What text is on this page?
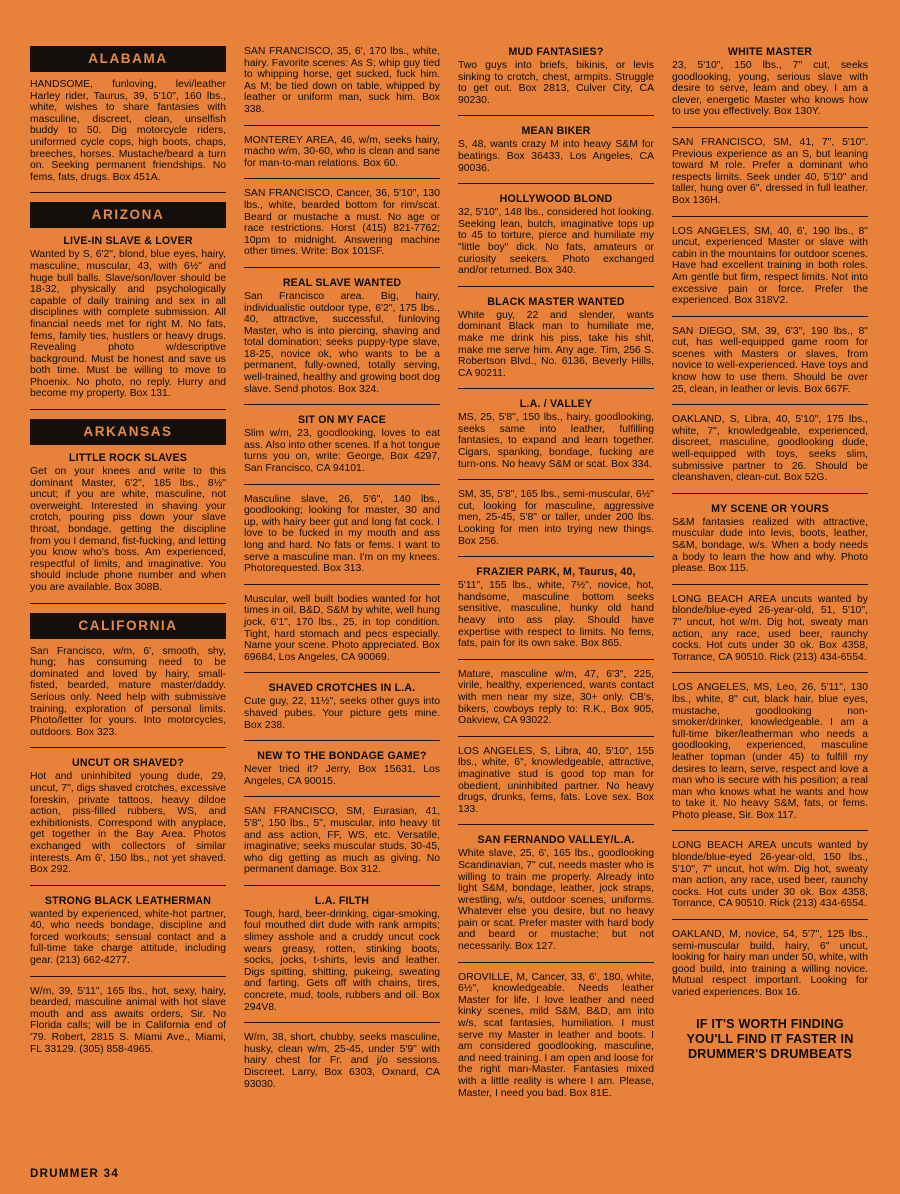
ALABAMA
HANDSOME, funloving, levi/leather Harley rider, Taurus, 39, 5'10", 160 lbs., white, wishes to share fantasies with masculine, discreet, clean, unselfish buddy to 50. Dig motorcycle riders, uniformed cycle cops, high boots, chaps, breeches, horses. Mustache/beard a turn on. Seeking permanent friendships. No fems, fats, drugs. Box 451A.
ARIZONA
LIVE-IN SLAVE & LOVER
Wanted by S, 6'2", blond, blue eyes, hairy, masculine, muscular, 43, with 6½" and huge bull balls. Slave/son/lover should be 18-32, physically and psychologically capable of daily training and sex in all disciplines with complete submission. All financial needs met for right M. No fats, fems, family ties, hustlers or heavy drugs. Revealing photo w/descriptive background. Must be honest and save us both time. Must be willing to move to Phoenix. No photo, no reply. Hurry and become my property. Box 131.
ARKANSAS
LITTLE ROCK SLAVES
Get on your knees and write to this dominant Master, 6'2", 185 lbs., 8½" uncut; if you are white, masculine, not overweight. Interested in shaving your crotch, pouring piss down your slave throat, bondage, getting the discipline from you I demand, fist-fucking, and letting you know who's boss. Am experienced, respectful of limits, and imaginative. You should include phone number and when you are available. Box 308B.
CALIFORNIA
San Francisco, w/m, 6', smooth, shy, hung; has consuming need to be dominated and loved by hairy, small-fisted, bearded, mature master/daddy. Serious only. Need help with submissive training, exploration of personal limits. Photo/letter for yours. Into motorcycles, outdoors. Box 323.
UNCUT OR SHAVED?
Hot and uninhibited young dude, 29, uncut, 7", digs shaved crotches, excessive foreskin, private tattoos, heavy dildoe action, piss-filled rubbers, WS, and exhibitionists. Correspond with anyplace, get together in the Bay Area. Photos exchanged with collectors of similar interests. Am 6', 150 lbs., not yet shaved. Box 292.
STRONG BLACK LEATHERMAN
wanted by experienced, white-hot partner, 40, who needs bondage, discipline and forced workouts; sensual contact and a full-time take charge attitude, including gear. (213) 662-4277.
W/m, 39, 5'11", 165 lbs., hot, sexy, hairy, bearded, masculine animal with hot slave mouth and ass awaits orders, Sir. No Florida calls; will be in California end of '79. Robert, 2815 S. Miami Ave., Miami, FL 33129. (305) 858-4965.
SAN FRANCISCO, 35, 6', 170 lbs., white, hairy. Favorite scenes: As S; whip guy tied to whipping horse, get sucked, fuck him. As M; be tied down on table, whipped by leather or uniform man, suck him. Box 338.
MONTEREY AREA, 46, w/m, seeks hairy, macho w/m, 30-60, who is clean and sane for man-to-man relations. Box 60.
SAN FRANCISCO, Cancer, 36, 5'10", 130 lbs., white, bearded bottom for rim/scat. Beard or mustache a must. No age or race restrictions. Horst (415) 821-7762; 10pm to midnight. Answering machine other times. Write: Box 101SF.
REAL SLAVE WANTED
San Francisco area. Big, hairy, individualistic outdoor type, 6'2", 175 lbs., 40, attractive, successful, funloving Master, who is into piercing, shaving and total domination; seeks puppy-type slave, 18-25, novice ok, who wants to be a permanent, fully-owned, totally serving, well-trained, healthy and growing boot dog slave. Send photos. Box 324.
SIT ON MY FACE
Slim w/m, 23, goodlooking, loves to eat ass. Also into other scenes. If a hot tongue turns you on, write: George, Box 4297, San Francisco, CA 94101.
Masculine slave, 26, 5'6", 140 lbs., goodlooking; looking for master, 30 and up, with hairy beer gut and long fat cock. I love to be fucked in my mouth and ass long and hard. No fats or fems. I want to serve a masculine man. I'm on my knees. Photorequested. Box 313.
Muscular, well built bodies wanted for hot times in oil, B&D, S&M by white, well hung jock, 6'1", 170 lbs., 25, in top condition. Tight, hard stomach and pecs especially. Name your scene. Photo appreciated. Box 69684, Los Angeles, CA 90069.
SHAVED CROTCHES IN L.A.
Cute guy, 22, 11½", seeks other guys into shaved pubes. Your picture gets mine. Box 238.
NEW TO THE BONDAGE GAME?
Never tried it? Jerry, Box 15631, Los Angeles, CA 90015.
SAN FRANCISCO, SM, Eurasian, 41, 5'8", 150 lbs., 5", muscular, into heavy tit and ass action, FF, WS, etc. Versatile, imaginative; seeks muscular studs, 30-45, who dig getting as much as giving. No permanent damage. Box 312.
L.A. FILTH
Tough, hard, beer-drinking, cigar-smoking, foul mouthed dirt dude with rank armpits; slimey asshole and a cruddy uncut cock wears greasy, rotten, stinking boots, socks, jocks, t-shirts, levis and leather. Digs spitting, shitting, pukeing, sweating and farting. Gets off with chains, tires, concrete, mud, tools, rubbers and oil. Box 294V8.
W/m, 38, short, chubby, seeks masculine, husky, clean w/m, 25-45, under 5'9" with hairy chest for Fr. and j/o sessions. Discreet. Larry, Box 6303, Oxnard, CA 93030.
MUD FANTASIES?
Two guys into briefs, bikinis, or levis sinking to crotch, chest, armpits. Struggle to get out. Box 2813, Culver City, CA 90230.
MEAN BIKER
S, 48, wants crazy M into heavy S&M for beatings. Box 36433, Los Angeles, CA 90036.
HOLLYWOOD BLOND
32, 5'10", 148 lbs., considered hot looking. Seeking lean, butch, imaginative tops up to 45 to torture, pierce and humiliate my "little boy" dick. No fats, amateurs or curiosity seekers. Photo exchanged and/or returned. Box 340.
BLACK MASTER WANTED
White guy, 22 and slender, wants dominant Black man to humiliate me, make me drink his piss, take his shit, make me serve him. Any age. Tim, 256 S. Robertson Blvd., No. 6136, Beverly Hills, CA 90211.
L.A. / VALLEY
MS, 25, 5'8", 150 lbs., hairy, goodlooking, seeks same into leather, fulfilling fantasies, to expand and learn together. Cigars, spanking, bondage, fucking are turn-ons. No heavy S&M or scat. Box 334.
SM, 35, 5'8", 165 lbs., semi-muscular, 6½" cut, looking for masculine, aggressive men, 25-45, 5'8" or taller, under 200 lbs. Looking for men into trying new things. Box 256.
FRAZIER PARK, M, Taurus, 40,
5'11", 155 lbs., white, 7½", novice, hot, handsome, masculine bottom seeks sensitive, masculine, hunky old hand heavy into ass play. Should have expertise with respect to limits. No fems, fats, pain for its own sake. Box 865.
Mature, masculine w/m, 47, 6'3", 225, virile, healthy, experienced, wants contact with men near my size, 30+ only. CB's, bikers, cowboys reply to: R.K., Box 905, Oakview, CA 93022.
LOS ANGELES, S, Libra, 40, 5'10", 155 lbs., white, 6", knowledgeable, attractive, imaginative stud is good top man for obedient, uninhibited partner. No heavy drugs, drunks, fems, fats. Love sex. Box 133.
SAN FERNANDO VALLEY/L.A.
White slave, 25, 6', 165 lbs., goodlooking Scandinavian, 7" cut, needs master who is willing to train me properly. Already into light S&M, bondage, leather, jock straps, wrestling, w/s, outdoor scenes, uniforms. Whatever else you desire, but no heavy pain or scat. Prefer master with hard body and beard or mustache; but not necessarily. Box 127.
OROVILLE, M, Cancer, 33, 6', 180, white, 6½", knowledgeable. Needs leather Master for life. I love leather and need kinky scenes, mild S&M, B&D, am into w/s, scat fantasies, humiliation. I must serve my Master in leather and boots. I am considered goodlooking, masculine, and need training. I am open and loose for the right man-Master. Fantasies mixed with a little reality is where I am. Please, Master, I need you bad. Box 81E.
WHITE MASTER
23, 5'10", 150 lbs., 7" cut, seeks goodlooking, young, serious slave with desire to serve, learn and obey. I am a clever, energetic Master who knows how to use you effectively. Box 130Y.
SAN FRANCISCO, SM, 41, 7", 5'10". Previous experience as an S, but leaning toward M role. Prefer a dominant who respects limits. Seek under 40, 5'10" and taller, hung over 6", dressed in full leather. Box 136H.
LOS ANGELES, SM, 40, 6', 190 lbs., 8" uncut, experienced Master or slave with cabin in the mountains for outdoor scenes. Have had excellent training in both roles. Am gentle but firm, respect limits. Not into excessive pain or force. Prefer the experienced. Box 318V2.
SAN DIEGO, SM, 39, 6'3", 190 lbs., 8" cut, has well-equipped game room for scenes with Masters or slaves, from novice to well-experienced. Have toys and know how to use them. Should be over 25, clean, in leather or levis. Box 667F.
OAKLAND, S, Libra, 40, 5'10", 175 lbs., white, 7", knowledgeable, experienced, discreet, masculine, goodlooking dude, well-equipped with toys, seeks slim, submissive partner to 26. Should be cleanshaven, clean-cut. Box 52G.
MY SCENE OR YOURS
S&M fantasies realized with attractive, muscular dude into levis, boots, leather, S&M, bondage, w/s. When a body needs a body to learn the how and why. Photo please. Box 115.
LONG BEACH AREA uncuts wanted by blonde/blue-eyed 26-year-old, 51, 5'10", 7" uncut, hot w/m. Dig hot, sweaty man action, any race, used beer, raunchy cocks. Hot cuts under 30 ok. Box 4358, Torrance, CA 90510. Rick (213) 434-6554.
LOS ANGELES, MS, Leo, 26, 5'11", 130 lbs., white, 8" cut, black hair, blue eyes, mustache, goodlooking non-smoker/drinker, knowledgeable. I am a full-time biker/leatherman who needs a goodlooking, experienced, masculine leather topman (under 45) to fulfill my desires to learn, serve, respect and love a man who is secure with his position; a real man who knows what he wants and how to take it. No heavy S&M, fats, or fems. Photo please, Sir. Box 117.
LONG BEACH AREA uncuts wanted by blonde/blue-eyed 26-year-old, 150 lbs., 5'10", 7" uncut, hot w/m. Dig hot, sweaty man action, any race, used beer, raunchy cocks. Hot cuts under 30 ok. Box 4358, Torrance, CA 90510. Rick (213) 434-6554.
OAKLAND, M, novice, 54, 5'7", 125 lbs., semi-muscular build, hairy, 6" uncut, looking for hairy man under 50, white, with good build, into training a willing novice. Mutual respect important. Looking for varied experiences. Box 16.
IF IT'S WORTH FINDING YOU'LL FIND IT FASTER IN DRUMMER'S DRUMBEATS
DRUMMER 34
